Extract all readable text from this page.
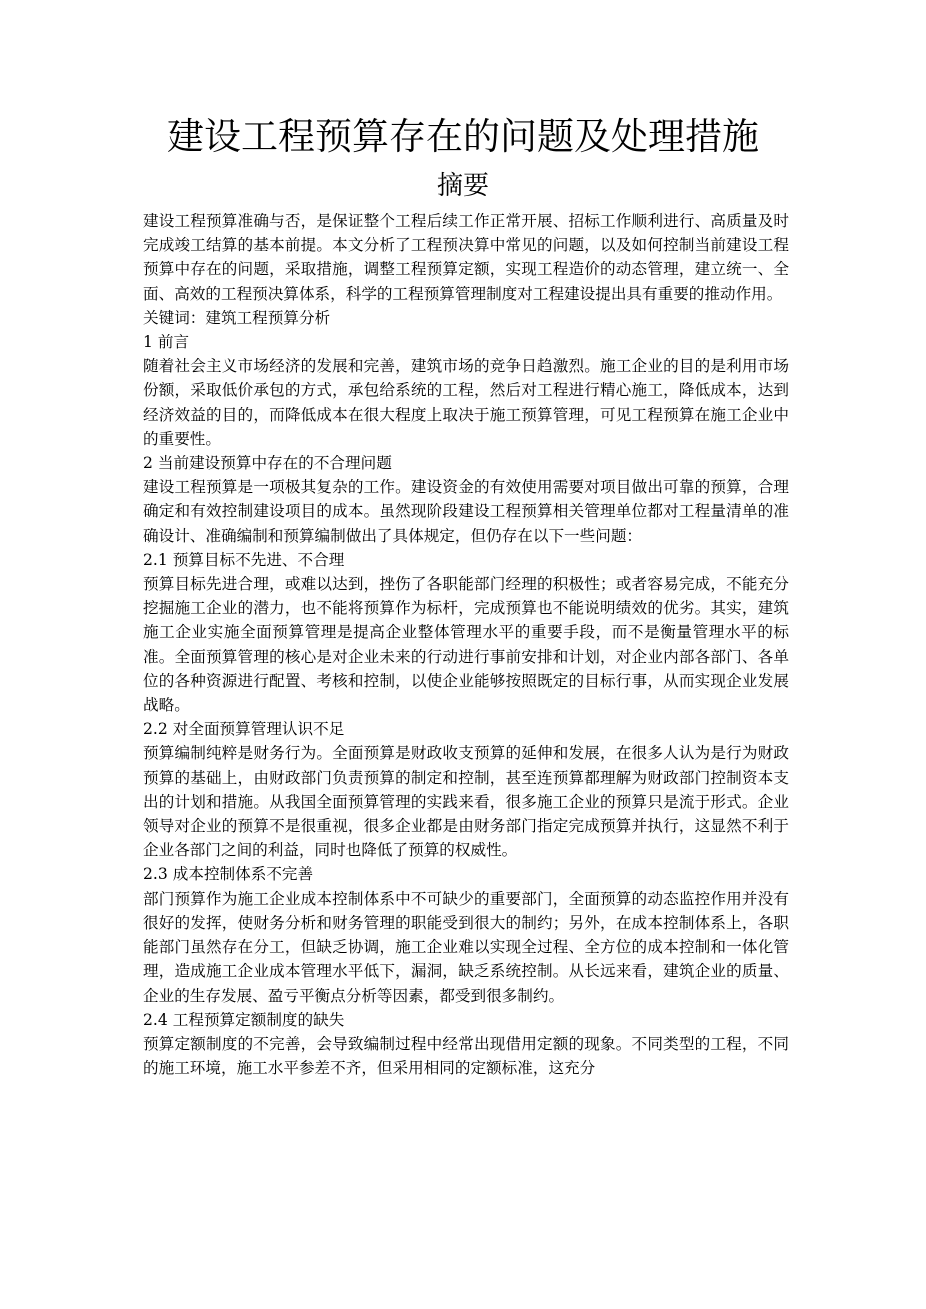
建设工程预算存在的问题及处理措施
摘要

建设工程预算准确与否，是保证整个工程后续工作正常开展、招标工作顺利进行、高质量及时完成竣工结算的基本前提。本文分析了工程预决算中常见的问题，以及如何控制当前建设工程预算中存在的问题，采取措施，调整工程预算定额，实现工程造价的动态管理，建立统一、全面、高效的工程预决算体系，科学的工程预算管理制度对工程建设提出具有重要的推动作用。

关键词：建筑工程预算分析

1 前言

随着社会主义市场经济的发展和完善，建筑市场的竞争日趋激烈。施工企业的目的是利用市场份额，采取低价承包的方式，承包给系统的工程，然后对工程进行精心施工，降低成本，达到经济效益的目的，而降低成本在很大程度上取决于施工预算管理，可见工程预算在施工企业中的重要性。

2 当前建设预算中存在的不合理问题

建设工程预算是一项极其复杂的工作。建设资金的有效使用需要对项目做出可靠的预算，合理确定和有效控制建设项目的成本。虽然现阶段建设工程预算相关管理单位都对工程量清单的准确设计、准确编制和预算编制做出了具体规定，但仍存在以下一些问题：

2.1 预算目标不先进、不合理

预算目标先进合理，或难以达到，挫伤了各职能部门经理的积极性；或者容易完成，不能充分挖掘施工企业的潜力，也不能将预算作为标杆，完成预算也不能说明绩效的优劣。其实，建筑施工企业实施全面预算管理是提高企业整体管理水平的重要手段，而不是衡量管理水平的标准。全面预算管理的核心是对企业未来的行动进行事前安排和计划，对企业内部各部门、各单位的各种资源进行配置、考核和控制，以使企业能够按照既定的目标行事，从而实现企业发展战略。

2.2 对全面预算管理认识不足

预算编制纯粹是财务行为。全面预算是财政收支预算的延伸和发展，在很多人认为是行为财政预算的基础上，由财政部门负责预算的制定和控制，甚至连预算都理解为财政部门控制资本支出的计划和措施。从我国全面预算管理的实践来看，很多施工企业的预算只是流于形式。企业领导对企业的预算不是很重视，很多企业都是由财务部门指定完成预算并执行，这显然不利于企业各部门之间的利益，同时也降低了预算的权威性。

2.3 成本控制体系不完善

部门预算作为施工企业成本控制体系中不可缺少的重要部门，全面预算的动态监控作用并没有很好的发挥，使财务分析和财务管理的职能受到很大的制约；另外，在成本控制体系上，各职能部门虽然存在分工，但缺乏协调，施工企业难以实现全过程、全方位的成本控制和一体化管理，造成施工企业成本管理水平低下，漏洞，缺乏系统控制。从长远来看，建筑企业的质量、企业的生存发展、盈亏平衡点分析等因素，都受到很多制约。

2.4 工程预算定额制度的缺失

预算定额制度的不完善，会导致编制过程中经常出现借用定额的现象。不同类型的工程，不同的施工环境，施工水平参差不齐，但采用相同的定额标准，这充分
